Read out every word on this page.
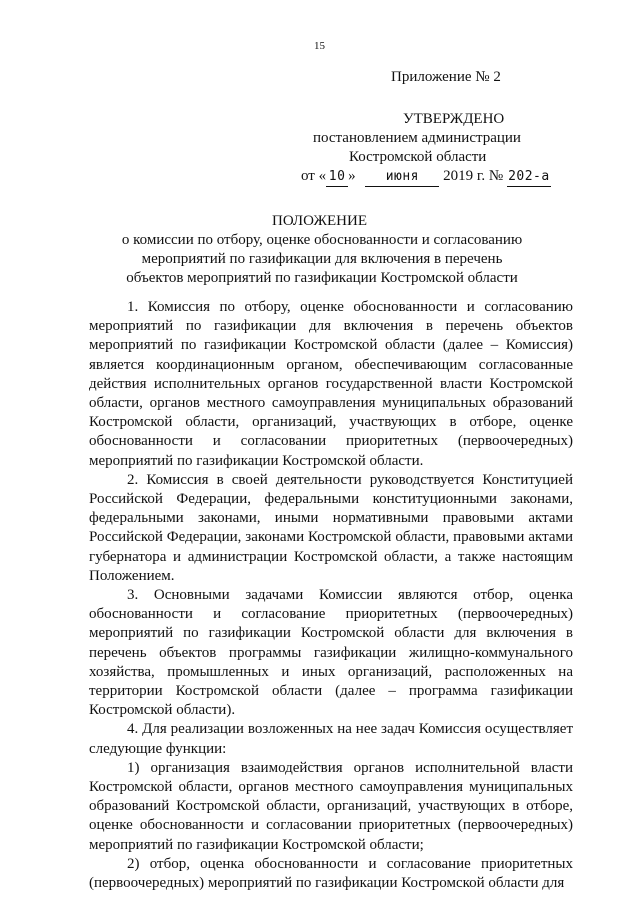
15
Приложение № 2
УТВЕРЖДЕНО
постановлением администрации
Костромской области
от « 10 » июня 2019 г. № 202-а
ПОЛОЖЕНИЕ
о комиссии по отбору, оценке обоснованности и согласованию мероприятий по газификации для включения в перечень объектов мероприятий по газификации Костромской области

1. Комиссия по отбору, оценке обоснованности и согласованию мероприятий по газификации для включения в перечень объектов мероприятий по газификации Костромской области (далее – Комиссия) является координационным органом, обеспечивающим согласованные действия исполнительных органов государственной власти Костромской области, органов местного самоуправления муниципальных образований Костромской области, организаций, участвующих в отборе, оценке обоснованности и согласовании приоритетных (первоочередных) мероприятий по газификации Костромской области.

2. Комиссия в своей деятельности руководствуется Конституцией Российской Федерации, федеральными конституционными законами, федеральными законами, иными нормативными правовыми актами Российской Федерации, законами Костромской области, правовыми актами губернатора и администрации Костромской области, а также настоящим Положением.

3. Основными задачами Комиссии являются отбор, оценка обоснованности и согласование приоритетных (первоочередных) мероприятий по газификации Костромской области для включения в перечень объектов программы газификации жилищно-коммунального хозяйства, промышленных и иных организаций, расположенных на территории Костромской области (далее – программа газификации Костромской области).

4. Для реализации возложенных на нее задач Комиссия осуществляет следующие функции:

1) организация взаимодействия органов исполнительной власти Костромской области, органов местного самоуправления муниципальных образований Костромской области, организаций, участвующих в отборе, оценке обоснованности и согласовании приоритетных (первоочередных) мероприятий по газификации Костромской области;

2) отбор, оценка обоснованности и согласование приоритетных (первоочередных) мероприятий по газификации Костромской области для
